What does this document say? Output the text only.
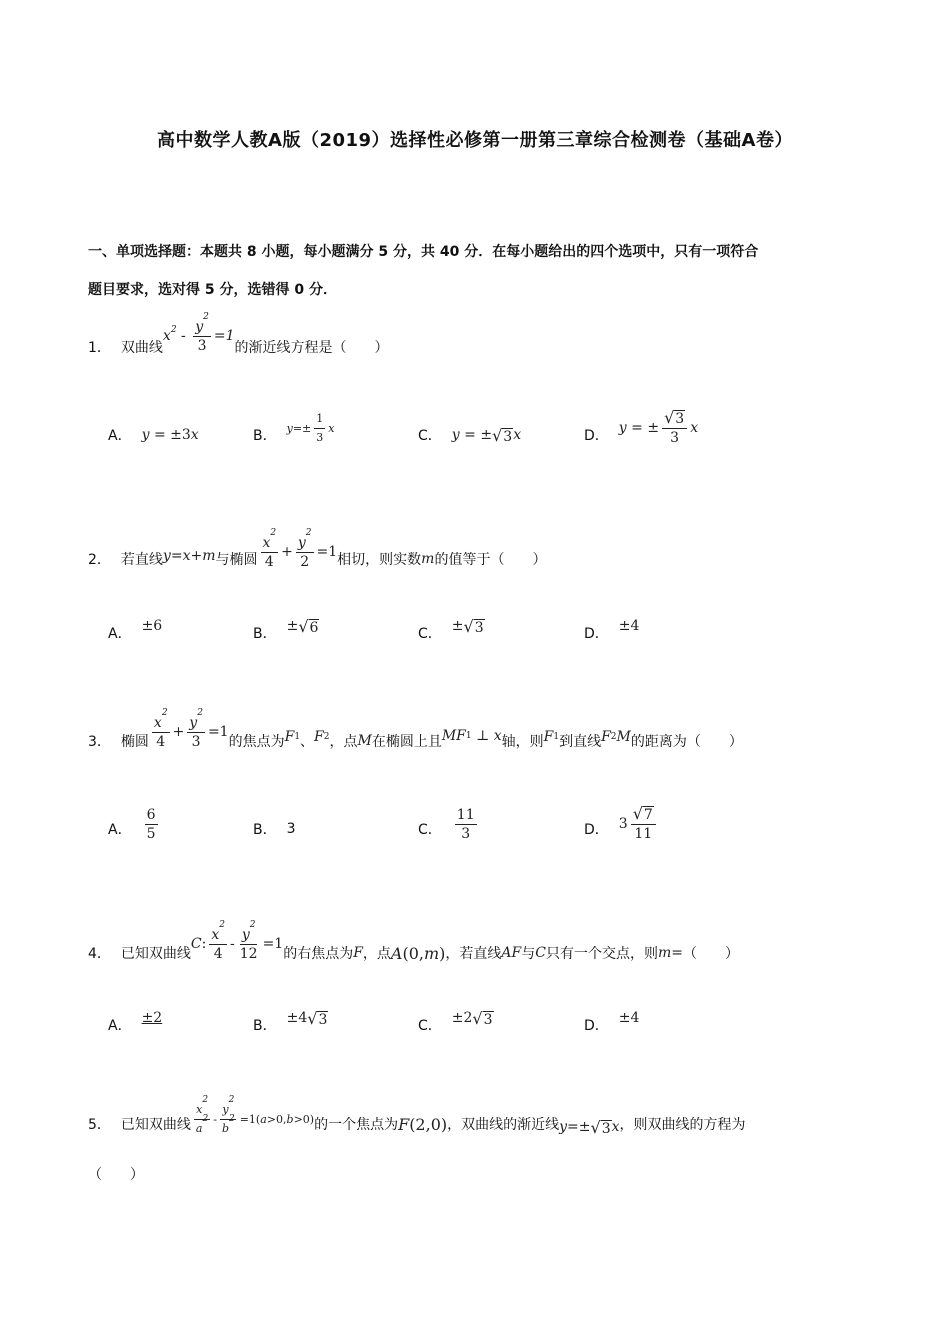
高中数学人教A版（2019）选择性必修第一册第三章综合检测卷（基础A卷）
一、单项选择题：本题共 8 小题，每小题满分 5 分，共 40 分．在每小题给出的四个选项中，只有一项符合
题目要求，选对得 5 分，选错得 0 分．
1． 双曲线
$x^2 - \frac{y^2}{3} =1$
的渐近线方程是（　　）
A． y = ±3 x	B． $y =\pm \frac{1}{3}$ x	C． y = ± √ 3 x	D． y = ± $\frac{√ 3}{3}$ x
2． 若直线 y = x + m 与椭圆 $\frac{x^2}{4} + \frac{y^2}{2} =1$ 相切，则实数 m 的值等于（　　）
A． ±6	B． ± √ 6	C． ± √ 3	D． ±4
3． 椭圆 $\frac{x^2}{4} + \frac{y^2}{3} =1$
的焦点为 F 1 、 F 2 ，点 M 在椭圆上且 MF 1 ⊥ x 轴，则 F 1 到直线 F 2 M 的距离为（　　）
A． $\frac{6}{5}$	B． 3	C． $\frac{11}{3}$	D． $3 \frac{√ 7}{11}$
4． 已知双曲线
C : $\frac{x^2}{4} - \frac{y^2}{12} =1$
的右焦点为 F ，点 A (0, m ) ，若直线 AF 与 C 只有一个交点，则 m = （　　）
A． ±2	B． ±4 √ 3	C． ±2 √ 3	D． ±4
5． 已知双曲线 $\frac{x^2}{a^2} - \frac{y^2}{b^2} =1$( a >0, b >0) 的一个焦点为 F (2,0) ，双曲线的渐近线 y =± √ 3 x ，则双曲线的方程为
（　　）
